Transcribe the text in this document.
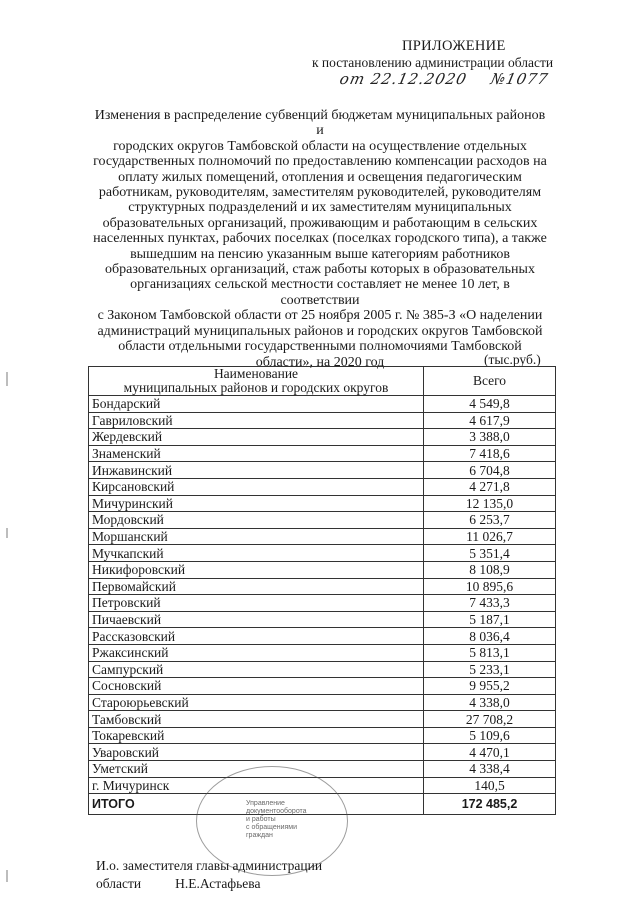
ПРИЛОЖЕНИЕ
к постановлению администрации области
от 22.12.2020 №1077
Изменения в распределение субвенций бюджетам муниципальных районов и
городских округов Тамбовской области на осуществление отдельных
государственных полномочий по предоставлению компенсации расходов на
оплату жилых помещений, отопления и освещения педагогическим
работникам, руководителям, заместителям руководителей, руководителям
структурных подразделений и их заместителям муниципальных
образовательных организаций, проживающим и работающим в сельских
населенных пунктах, рабочих поселках (поселках городского типа), а также
вышедшим на пенсию указанным выше категориям работников
образовательных организаций, стаж работы которых в образовательных
организациях сельской местности составляет не менее 10 лет, в соответствии
с Законом Тамбовской области от 25 ноября 2005 г. № 385-З «О наделении
администраций муниципальных районов и городских округов Тамбовской
области отдельными государственными полномочиями Тамбовской
области», на 2020 год	(тыс.руб.)
Наименование
муниципальных районов и городских округов	Всего
Бондарский	4 549,8
Гавриловский	4 617,9
Жердевский	3 388,0
Знаменский	7 418,6
Инжавинский	6 704,8
Кирсановский	4 271,8
Мичуринский	12 135,0
Мордовский	6 253,7
Моршанский	11 026,7
Мучкапский	5 351,4
Никифоровский	8 108,9
Первомайский	10 895,6
Петровский	7 433,3
Пичаевский	5 187,1
Рассказовский	8 036,4
Ржаксинский	5 813,1
Сампурский	5 233,1
Сосновский	9 955,2
Староюрьевский	4 338,0
Тамбовский	27 708,2
Токаревский	5 109,6
Уваровский	4 470,1
Уметский	4 338,4
г. Мичуринск	140,5
ИТОГО	172 485,2
Управление
документооборота
и работы
с обращениями
граждан
И.о. заместителя главы администрации
области	Н.Е.Астафьева
